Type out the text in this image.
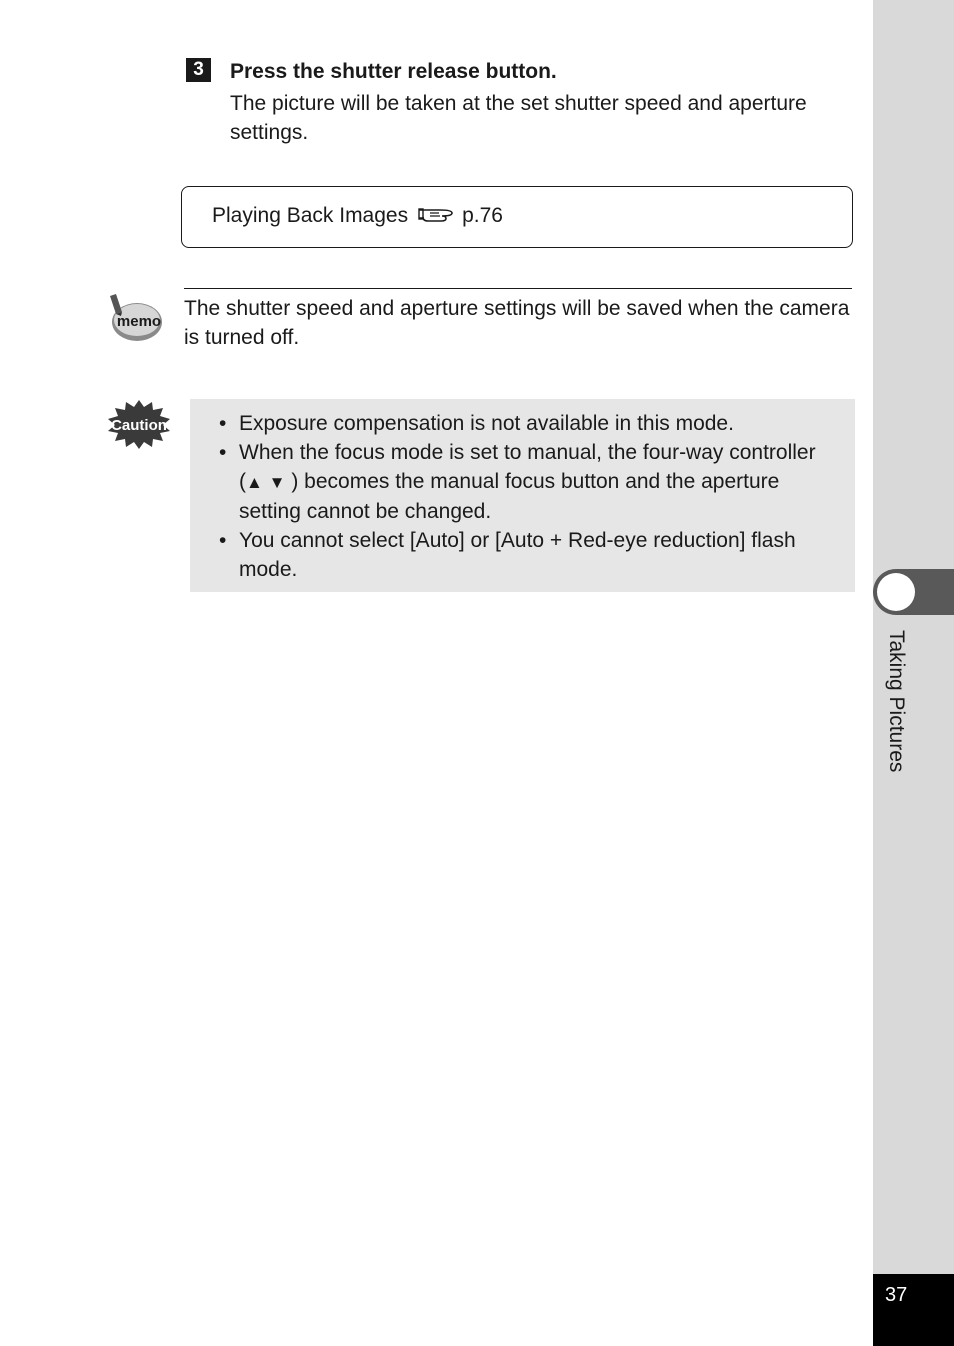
Taking Pictures
37
3	Press the shutter release button.
The picture will be taken at the set shutter speed and aperture settings.
Playing Back Images	p.76
memo
The shutter speed and aperture settings will be saved when the camera is turned off.
Caution
•	Exposure compensation is not available in this mode.
• When the focus mode is set to manual, the four-way controller (▲ ▼ ) becomes the manual focus button and the aperture setting cannot be changed.
• You cannot select [Auto] or [Auto + Red-eye reduction] flash mode.
